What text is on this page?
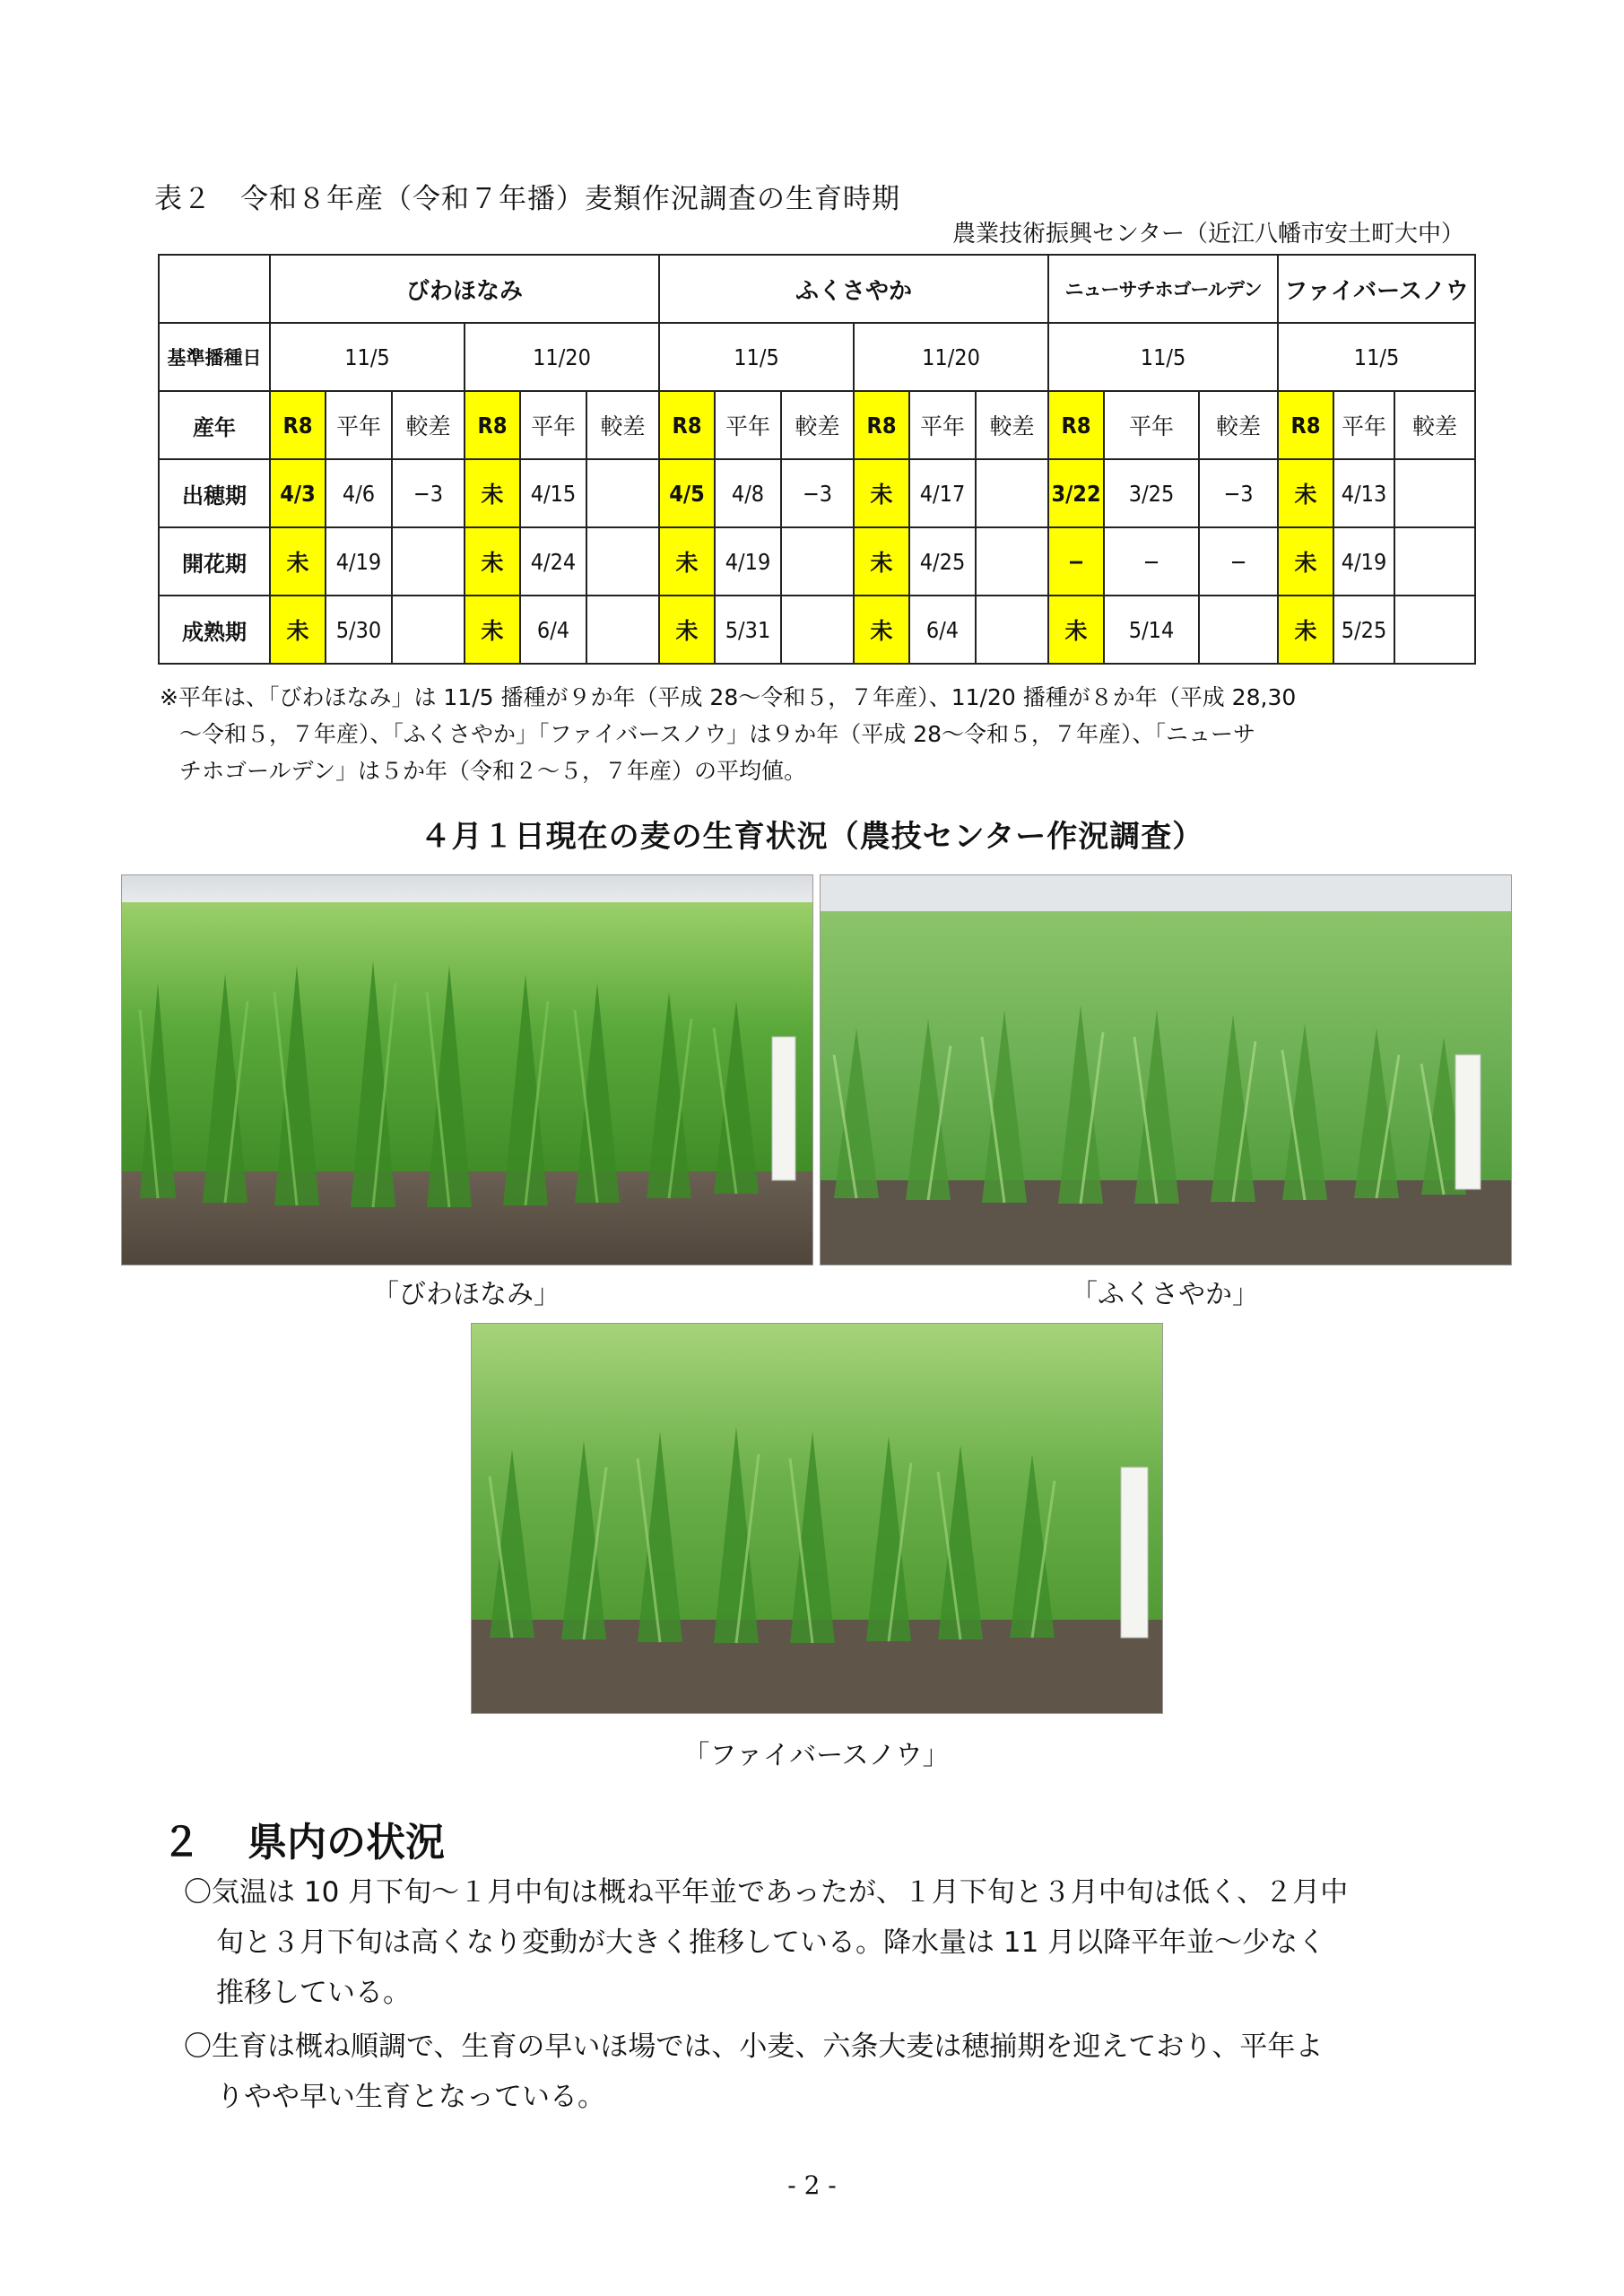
表２　令和８年産（令和７年播）麦類作況調査の生育時期
農業技術振興センター（近江八幡市安土町大中）
	びわほなみ						ふくさやか						ニューサチホゴールデン			ファイバースノウ		
基準播種日	11/5			11/20			11/5			11/20			11/5			11/5		
産年	R8	平年	較差	R8	平年	較差	R8	平年	較差	R8	平年	較差	R8	平年	較差	R8	平年	較差
出穂期	4/3	4/6	−3	未	4/15		4/5	4/8	−3	未	4/17		3/22	3/25	−3	未	4/13	
開花期	未	4/19		未	4/24		未	4/19		未	4/25		−	−	−	未	4/19	
成熟期	未	5/30		未	6/4		未	5/31		未	6/4		未	5/14		未	5/25	
※平年は、「びわほなみ」は 11/5 播種が９か年（平成 28〜令和５，７年産）、11/20 播種が８か年（平成 28,30
〜令和５，７年産）、「ふくさやか」「ファイバースノウ」は９か年（平成 28〜令和５，７年産）、「ニューサ
チホゴールデン」は５か年（令和２〜５，７年産）の平均値。
４月１日現在の麦の生育状況（農技センター作況調査）
「びわほなみ」	「ふくさやか」
「ファイバースノウ」
２ 県内の状況
〇気温は 10 月下旬〜１月中旬は概ね平年並であったが、１月下旬と３月中旬は低く、２月中
旬と３月下旬は高くなり変動が大きく推移している。降水量は 11 月以降平年並〜少なく
推移している。
〇生育は概ね順調で、生育の早いほ場では、小麦、六条大麦は穂揃期を迎えており、平年よ
りやや早い生育となっている。
- 2 -
